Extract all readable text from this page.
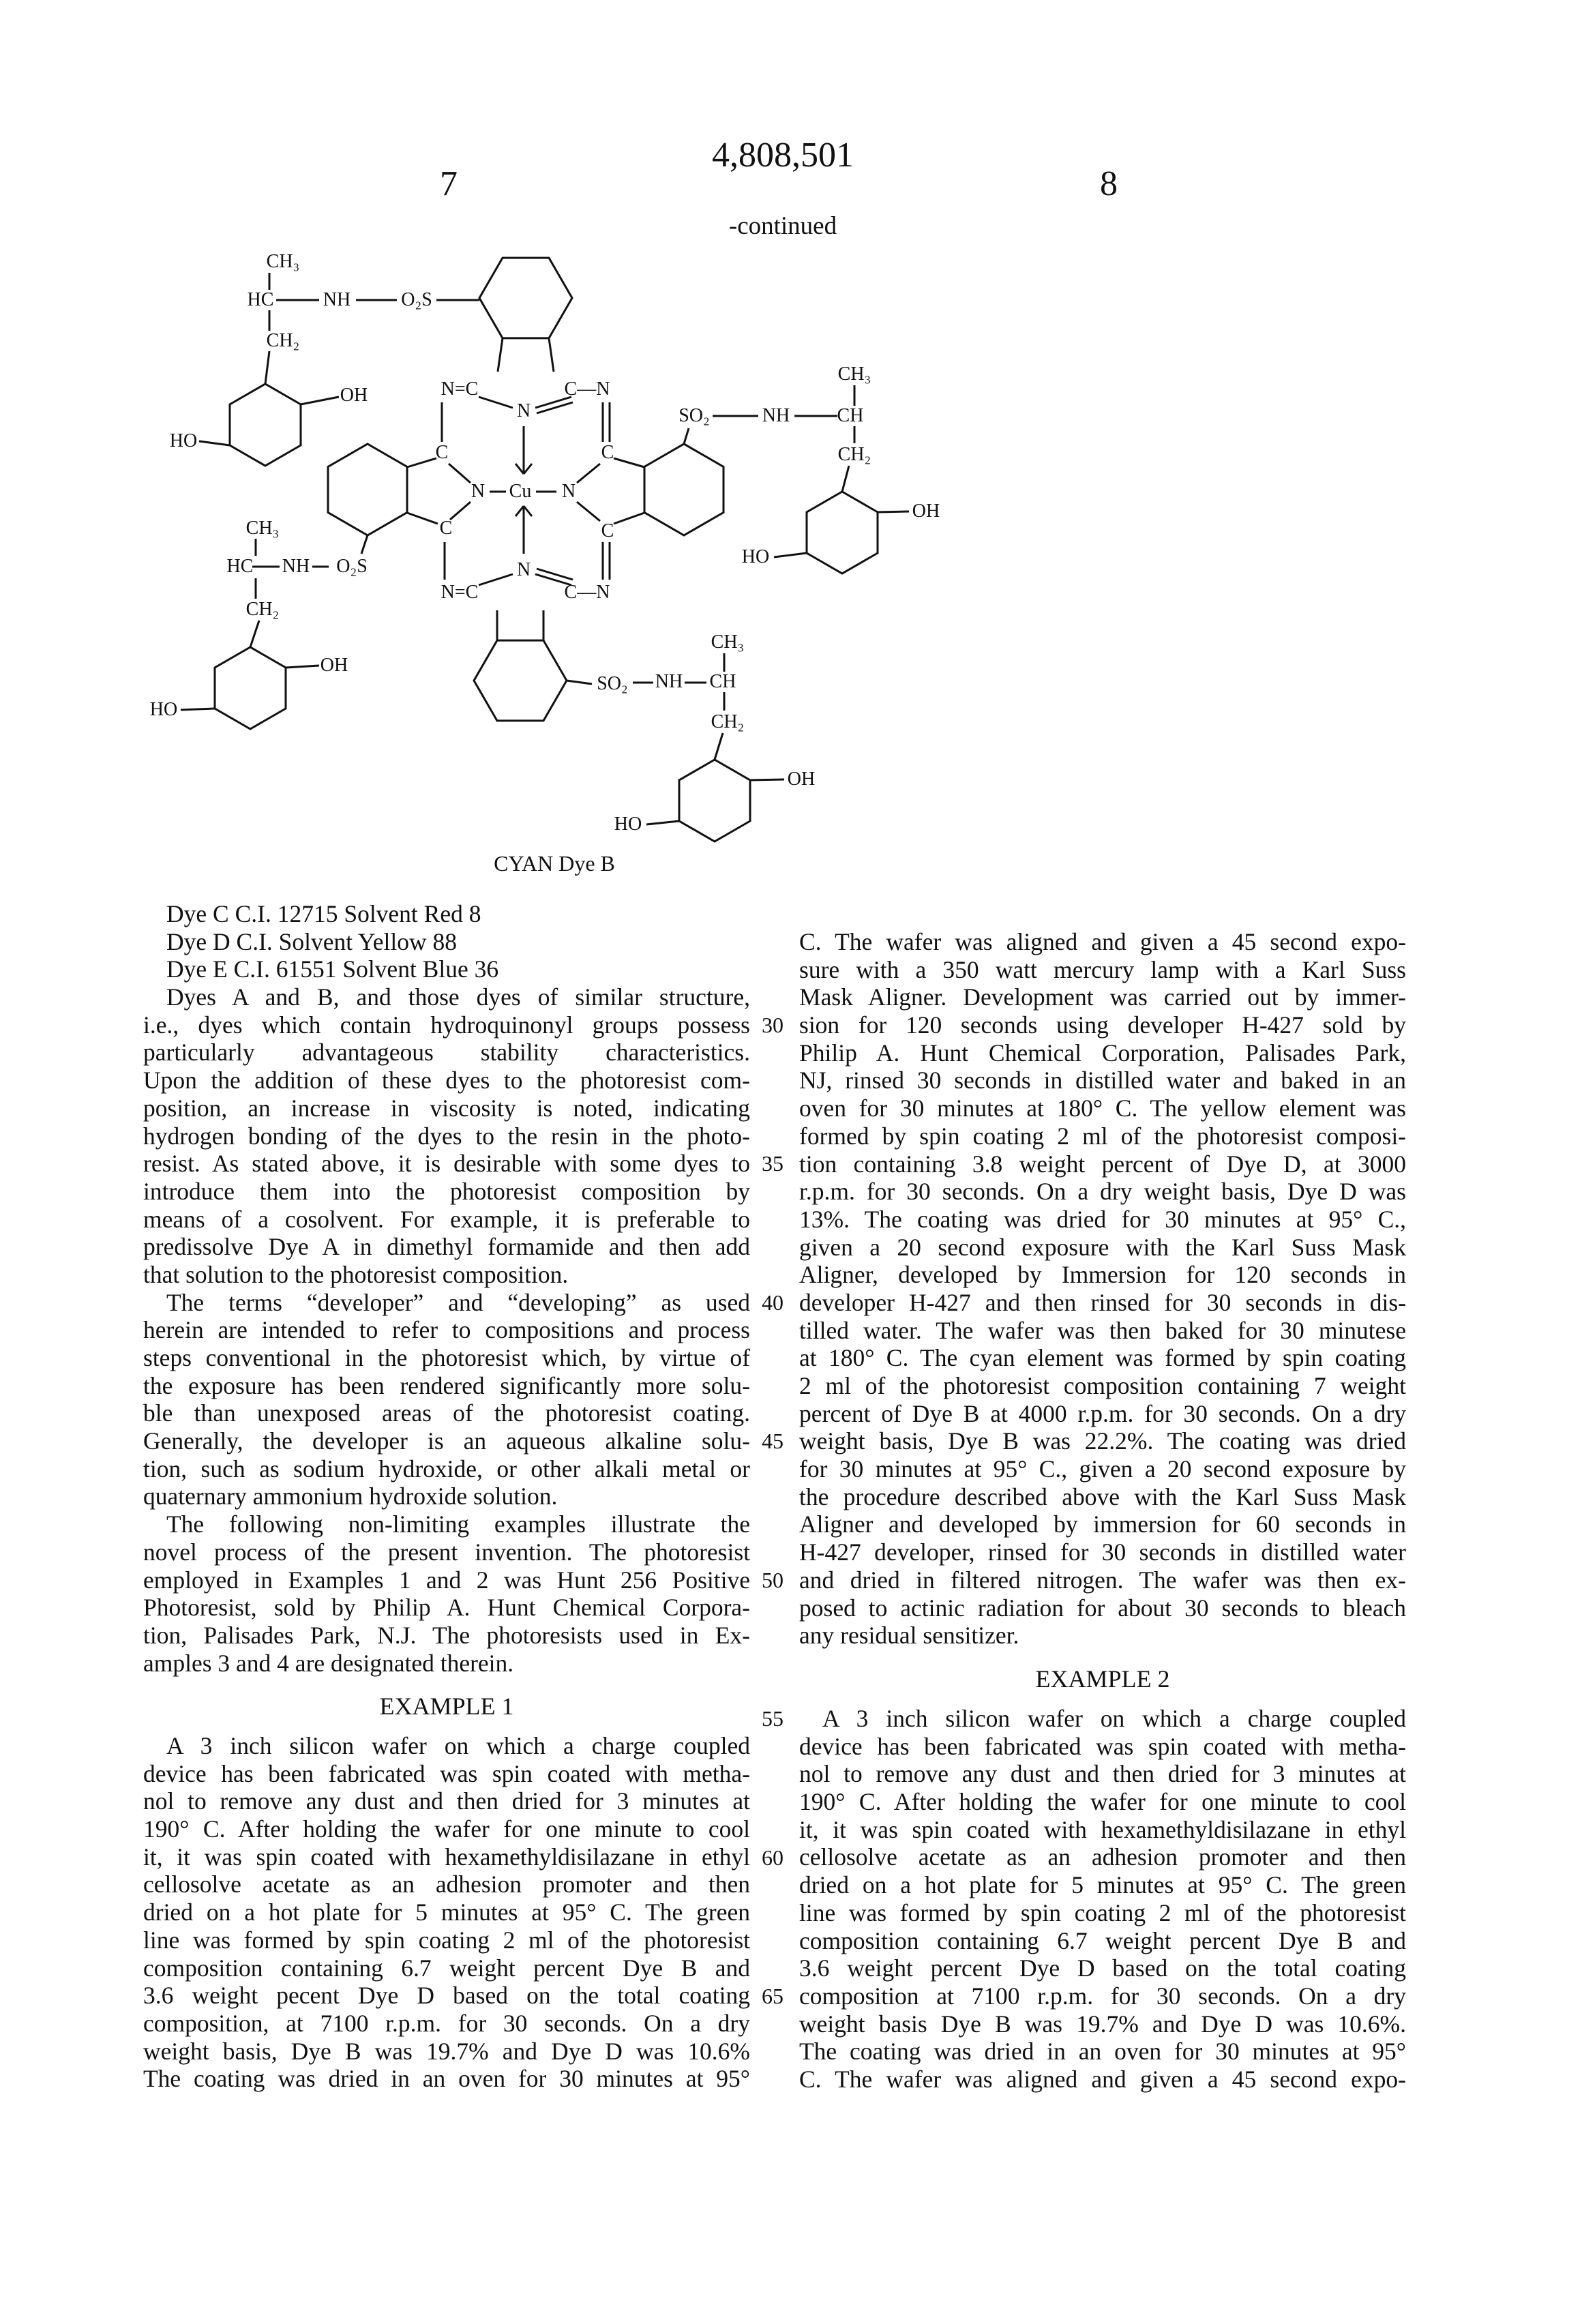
4,808,501
7	8
-continued
CH₃
HC	NH	O₂S
CH₂
OH
HO
N=C
N
C—N
C
N Cu N
C
C	C
N=C
N
C—N
SO₂	NH CH
CH₃
CH₂
OH
HO
CH₃
HC NH O₂S
CH₂
OH
HO
CH₃
SO₂ NH CH
CH₂
OH
HO
CYAN Dye B
Dye C C.I. 12715 Solvent Red 8
Dye D C.I. Solvent Yellow 88
Dye E C.I. 61551 Solvent Blue 36
Dyes A and B, and those dyes of similar structure,
i.e., dyes which contain hydroquinonyl groups possess
particularly advantageous stability characteristics.
Upon the addition of these dyes to the photoresist com-
position, an increase in viscosity is noted, indicating
hydrogen bonding of the dyes to the resin in the photo-
resist. As stated above, it is desirable with some dyes to
introduce them into the photoresist composition by
means of a cosolvent. For example, it is preferable to
predissolve Dye A in dimethyl formamide and then add
that solution to the photoresist composition.
The terms “developer” and “developing” as used
herein are intended to refer to compositions and process
steps conventional in the photoresist which, by virtue of
the exposure has been rendered significantly more solu-
ble than unexposed areas of the photoresist coating.
Generally, the developer is an aqueous alkaline solu-
tion, such as sodium hydroxide, or other alkali metal or
quaternary ammonium hydroxide solution.
The following non-limiting examples illustrate the
novel process of the present invention. The photoresist
employed in Examples 1 and 2 was Hunt 256 Positive
Photoresist, sold by Philip A. Hunt Chemical Corpora-
tion, Palisades Park, N.J. The photoresists used in Ex-
amples 3 and 4 are designated therein.
EXAMPLE 1
A 3 inch silicon wafer on which a charge coupled
device has been fabricated was spin coated with metha-
nol to remove any dust and then dried for 3 minutes at
190° C. After holding the wafer for one minute to cool
it, it was spin coated with hexamethyldisilazane in ethyl
cellosolve acetate as an adhesion promoter and then
dried on a hot plate for 5 minutes at 95° C. The green
line was formed by spin coating 2 ml of the photoresist
composition containing 6.7 weight percent Dye B and
3.6 weight pecent Dye D based on the total coating
composition, at 7100 r.p.m. for 30 seconds. On a dry
weight basis, Dye B was 19.7% and Dye D was 10.6%
The coating was dried in an oven for 30 minutes at 95°
C. The wafer was aligned and given a 45 second expo-
sure with a 350 watt mercury lamp with a Karl Suss
Mask Aligner. Development was carried out by immer-
sion for 120 seconds using developer H-427 sold by
Philip A. Hunt Chemical Corporation, Palisades Park,
NJ, rinsed 30 seconds in distilled water and baked in an
oven for 30 minutes at 180° C. The yellow element was
formed by spin coating 2 ml of the photoresist composi-
tion containing 3.8 weight percent of Dye D, at 3000
r.p.m. for 30 seconds. On a dry weight basis, Dye D was
13%. The coating was dried for 30 minutes at 95° C.,
given a 20 second exposure with the Karl Suss Mask
Aligner, developed by Immersion for 120 seconds in
developer H-427 and then rinsed for 30 seconds in dis-
tilled water. The wafer was then baked for 30 minutese
at 180° C. The cyan element was formed by spin coating
2 ml of the photoresist composition containing 7 weight
percent of Dye B at 4000 r.p.m. for 30 seconds. On a dry
weight basis, Dye B was 22.2%. The coating was dried
for 30 minutes at 95° C., given a 20 second exposure by
the procedure described above with the Karl Suss Mask
Aligner and developed by immersion for 60 seconds in
H-427 developer, rinsed for 30 seconds in distilled water
and dried in filtered nitrogen. The wafer was then ex-
posed to actinic radiation for about 30 seconds to bleach
any residual sensitizer.
EXAMPLE 2
A 3 inch silicon wafer on which a charge coupled
device has been fabricated was spin coated with metha-
nol to remove any dust and then dried for 3 minutes at
190° C. After holding the wafer for one minute to cool
it, it was spin coated with hexamethyldisilazane in ethyl
cellosolve acetate as an adhesion promoter and then
dried on a hot plate for 5 minutes at 95° C. The green
line was formed by spin coating 2 ml of the photoresist
composition containing 6.7 weight percent Dye B and
3.6 weight percent Dye D based on the total coating
composition at 7100 r.p.m. for 30 seconds. On a dry
weight basis Dye B was 19.7% and Dye D was 10.6%.
The coating was dried in an oven for 30 minutes at 95°
C. The wafer was aligned and given a 45 second expo-
30
35
40
45
50
55
60
65
